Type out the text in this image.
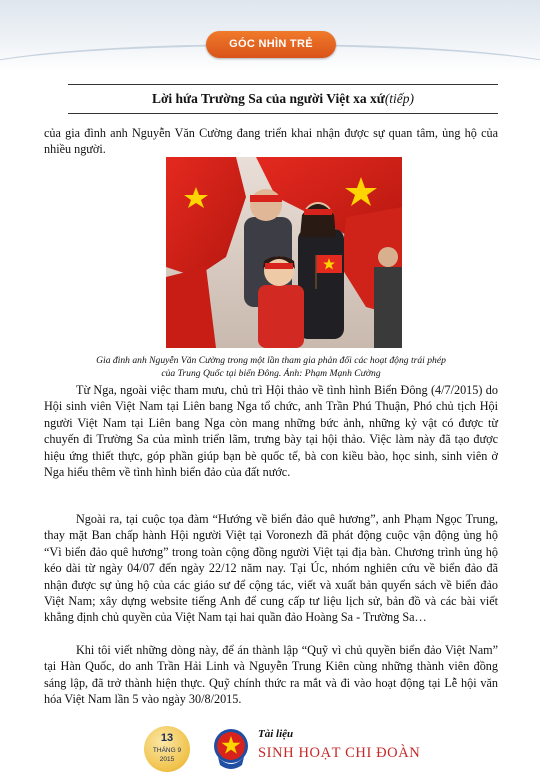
GÓC NHÌN TRẺ
Lời hứa Trường Sa của người Việt xa xứ(tiếp)

của gia đình anh Nguyễn Văn Cường đang triển khai nhận được sự quan tâm, ủng hộ của nhiều người.

Gia đình anh Nguyễn Văn Cường trong một lần tham gia phản đối các hoạt động trái phép
của Trung Quốc tại biển Đông. Ảnh: Phạm Mạnh Cường

Từ Nga, ngoài việc tham mưu, chủ trì Hội thảo về tình hình Biển Đông (4/7/2015) do Hội sinh viên Việt Nam tại Liên bang Nga tổ chức, anh Trần Phú Thuận, Phó chủ tịch Hội người Việt Nam tại Liên bang Nga còn mang những bức ảnh, những kỷ vật có được từ chuyến đi Trường Sa của mình triển lãm, trưng bày tại hội thảo. Việc làm này đã tạo được hiệu ứng thiết thực, góp phần giúp bạn bè quốc tế, bà con kiều bào, học sinh, sinh viên ở Nga hiểu thêm về tình hình biển đảo của đất nước.

Ngoài ra, tại cuộc tọa đàm “Hướng về biển đảo quê hương”, anh Phạm Ngọc Trung, thay mặt Ban chấp hành Hội người Việt tại Voronezh đã phát động cuộc vận động ủng hộ “Vì biển đảo quê hương” trong toàn cộng đồng người Việt tại địa bàn. Chương trình ủng hộ kéo dài từ ngày 04/07 đến ngày 22/12 năm nay. Tại Úc, nhóm nghiên cứu về biển đảo đã nhận được sự ủng hộ của các giáo sư để cộng tác, viết và xuất bản quyển sách về biển đảo Việt Nam; xây dựng website tiếng Anh để cung cấp tư liệu lịch sử, bản đồ và các bài viết khẳng định chủ quyền của Việt Nam tại hai quần đảo Hoàng Sa - Trường Sa…

Khi tôi viết những dòng này, để án thành lập “Quỹ vì chủ quyền biển đảo Việt Nam” tại Hàn Quốc, do anh Trần Hải Linh và Nguyễn Trung Kiên cùng những thành viên đồng sáng lập, đã trở thành hiện thực. Quỹ chính thức ra mắt và đi vào hoạt động tại Lễ hội văn hóa Việt Nam lần 5 vào ngày 30/8/2015.

13
THÁNG 9
2015
Tài liệu
SINH HOẠT CHI ĐOÀN
